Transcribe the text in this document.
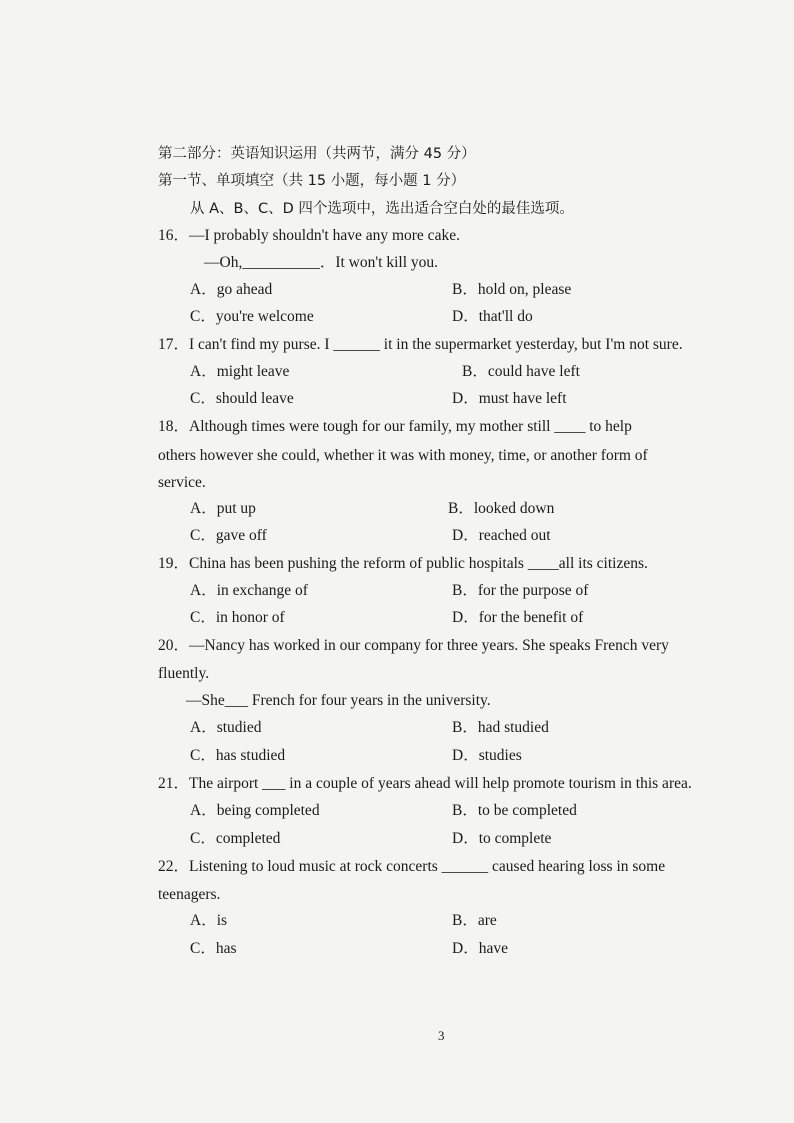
第二部分：英语知识运用（共两节，满分 45 分）
第一节、单项填空（共 15 小题，每小题 1 分）
从 A、B、C、D 四个选项中，选出适合空白处的最佳选项。
16．—I probably shouldn't have any more cake.
—Oh,__________．It won't kill you.
A．go ahead	B．hold on, please
C．you're welcome	D．that'll do
17．I can't find my purse. I ______ it in the supermarket yesterday, but I'm not sure.
A．might leave	B．could have left
C．should leave	D．must have left
18．Although times were tough for our family, my mother still ____ to help
others however she could, whether it was with money, time, or another form of
service.
A．put up	B．looked down
C．gave off	D．reached out
19．China has been pushing the reform of public hospitals ____all its citizens.
A．in exchange of	B．for the purpose of
C．in honor of	D．for the benefit of
20．—Nancy has worked in our company for three years. She speaks French very
fluently.
—She___ French for four years in the university.
A．studied	B．had studied
C．has studied	D．studies
21．The airport ___ in a couple of years ahead will help promote tourism in this area.
A．being completed	B．to be completed
C．completed	D．to complete
22．Listening to loud music at rock concerts ______ caused hearing loss in some
teenagers.
A．is	B．are
C．has	D．have
3
